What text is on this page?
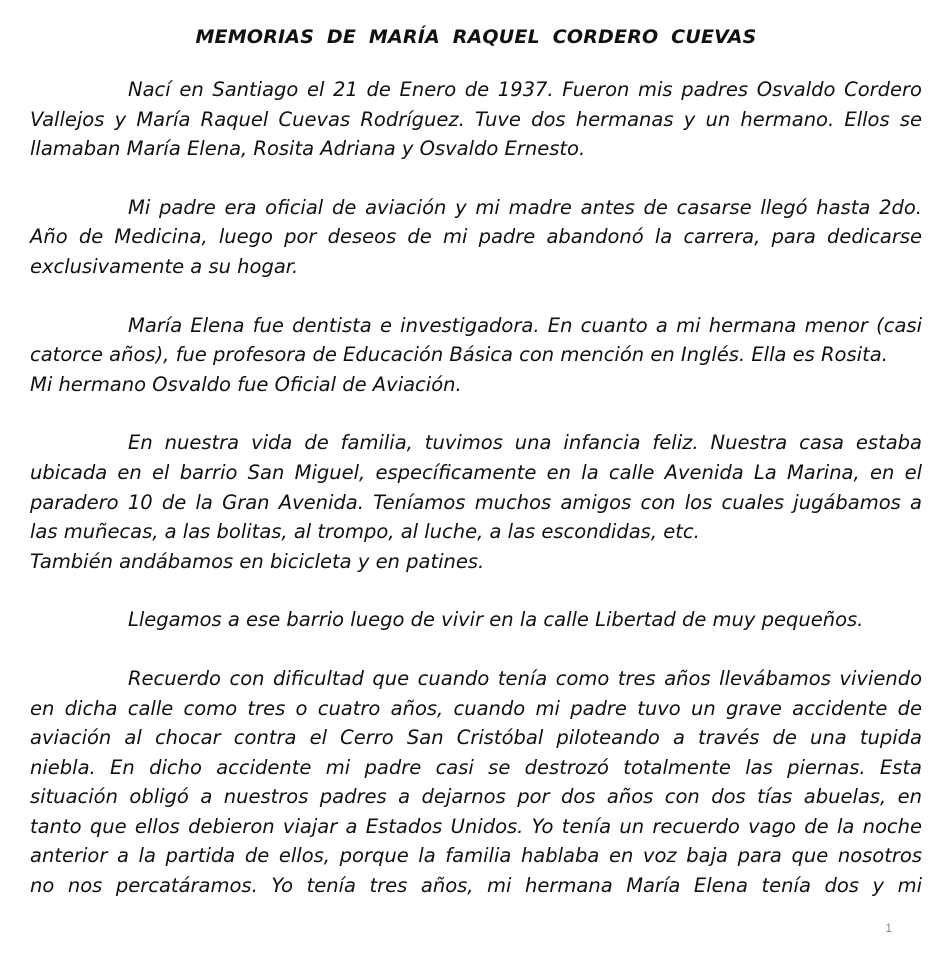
MEMORIAS DE MARÍA RAQUEL CORDERO CUEVAS
Nací en Santiago el 21 de Enero de 1937. Fueron mis padres Osvaldo Cordero
Vallejos y María Raquel Cuevas Rodríguez. Tuve dos hermanas y un hermano. Ellos se
llamaban María Elena, Rosita Adriana y Osvaldo Ernesto.
Mi padre era oficial de aviación y mi madre antes de casarse llegó hasta 2do.
Año de Medicina, luego por deseos de mi padre abandonó la carrera, para dedicarse
exclusivamente a su hogar.
María Elena fue dentista e investigadora. En cuanto a mi hermana menor (casi
catorce años), fue profesora de Educación Básica con mención en Inglés. Ella es Rosita.
Mi hermano Osvaldo fue Oficial de Aviación.
En nuestra vida de familia, tuvimos una infancia feliz. Nuestra casa estaba
ubicada en el barrio San Miguel, específicamente en la calle Avenida La Marina, en el
paradero 10 de la Gran Avenida. Teníamos muchos amigos con los cuales jugábamos a
las muñecas, a las bolitas, al trompo, al luche, a las escondidas, etc.
También andábamos en bicicleta y en patines.
Llegamos a ese barrio luego de vivir en la calle Libertad de muy pequeños.
Recuerdo con dificultad que cuando tenía como tres años llevábamos viviendo
en dicha calle como tres o cuatro años, cuando mi padre tuvo un grave accidente de
aviación al chocar contra el Cerro San Cristóbal piloteando a través de una tupida
niebla. En dicho accidente mi padre casi se destrozó totalmente las piernas. Esta
situación obligó a nuestros padres a dejarnos por dos años con dos tías abuelas, en
tanto que ellos debieron viajar a Estados Unidos. Yo tenía un recuerdo vago de la noche
anterior a la partida de ellos, porque la familia hablaba en voz baja para que nosotros
no nos percatáramos. Yo tenía tres años, mi hermana María Elena tenía dos y mi
1
